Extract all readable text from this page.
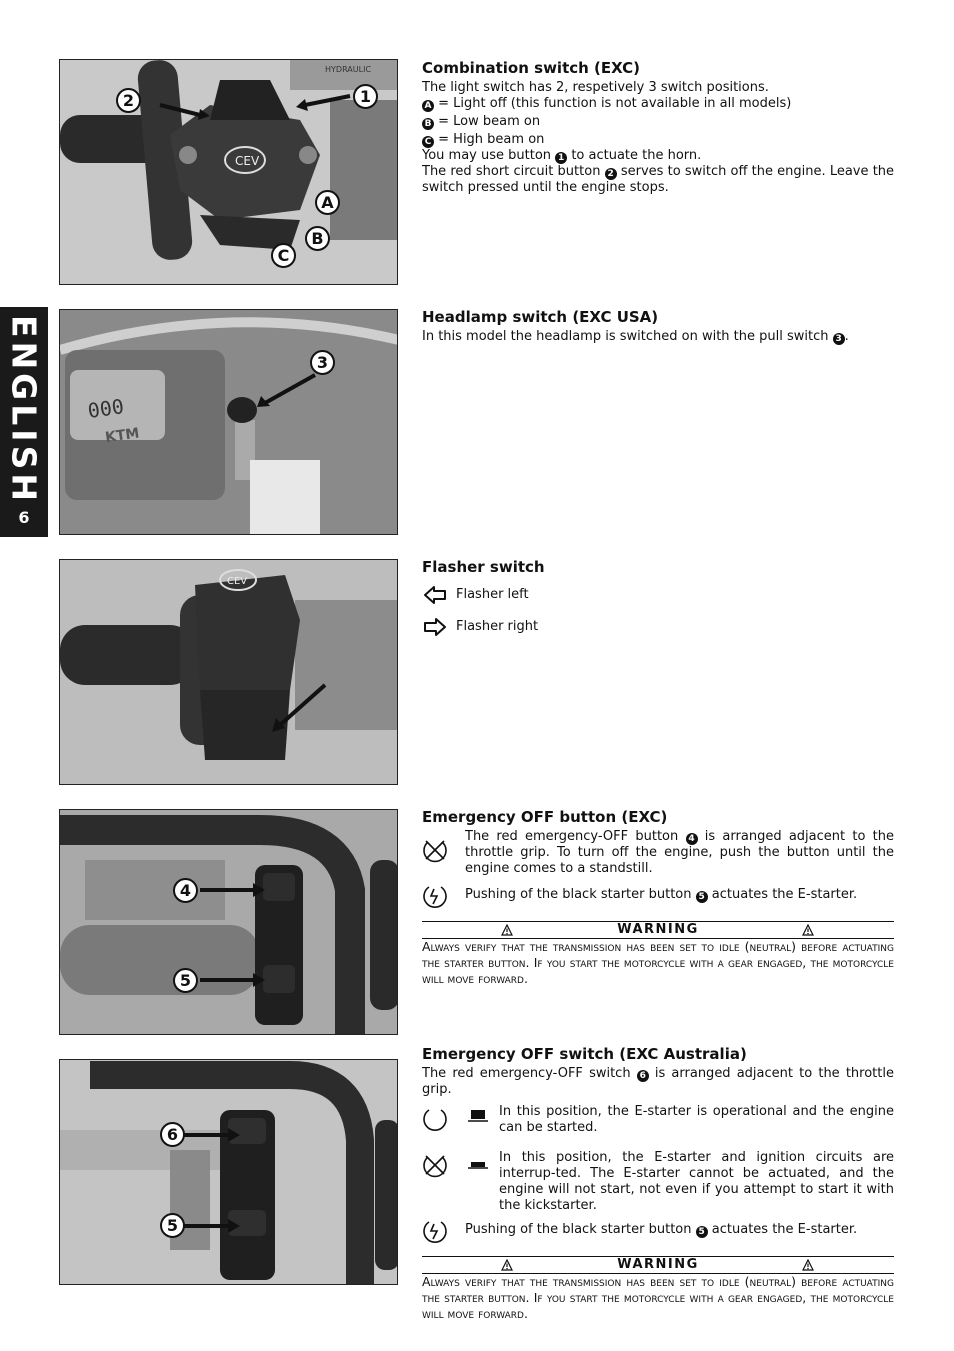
ENGLISH
6
HYDRAULIC
CEV
2	1
A
B
C
000
KTM
3
CEV
4
5
6
5
Combination switch (EXC)

The light switch has 2, respetively 3 switch positions.

A = Light off (this function is not available in all models)

B = Low beam on

C = High beam on

You may use button 1 to actuate the horn.

The red short circuit button 2 serves to switch off the engine. Leave the switch pressed until the engine stops.

Headlamp switch (EXC USA)

In this model the headlamp is switched on with the pull switch 3 .

Flasher switch
Flasher left
Flasher right
Emergency OFF button (EXC)

The red emergency-OFF button 4 is arranged adjacent to the throttle grip. To turn off the engine, push the button until the engine comes to a standstill.

Pushing of the black starter button 5 actuates the E-starter.

WARNING

Always verify that the transmission has been set to idle (neutral) before actuating the starter button. If you start the motorcycle with a gear engaged, the motorcycle will move forward.

Emergency OFF switch (EXC Australia)

The red emergency-OFF switch 6 is arranged adjacent to the throttle grip.

In this position, the E-starter is operational and the engine can be started.

In this position, the E-starter and ignition circuits are interrup-ted. The E-starter cannot be actuated, and the engine will not start, not even if you attempt to start it with the kickstarter.

Pushing of the black starter button 5 actuates the E-starter.

WARNING

Always verify that the transmission has been set to idle (neutral) before actuating the starter button. If you start the motorcycle with a gear engaged, the motorcycle will move forward.
